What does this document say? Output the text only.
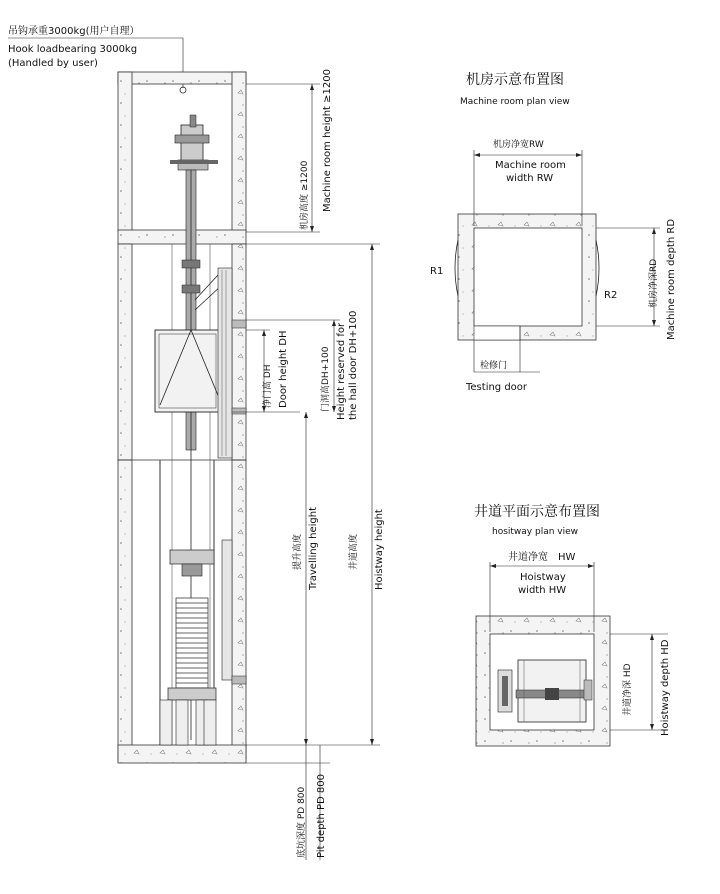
吊钩承重3000kg(用户自理）
Hook loadbearing 3000kg
(Handled by user)
机房高度 ≥1200 Machine room height ≥1200
净门高 DH Door height DH	门洞高DH+100 Height reserved for the hall door DH+100
提升高度 Travelling height	井道高度 Hoistway height
底坑深度 PD 800 Pit depth PD 800
机房示意布置图
Machine room plan view
机房净宽RW
Machine room
width RW
R1
R2	机房净深RD Machine room depth RD
检修门
Testing door
井道平面示意布置图
hositway plan view
井道净宽　HW
Hoistway
width HW
井道净深 HD	Hoistway depth HD
